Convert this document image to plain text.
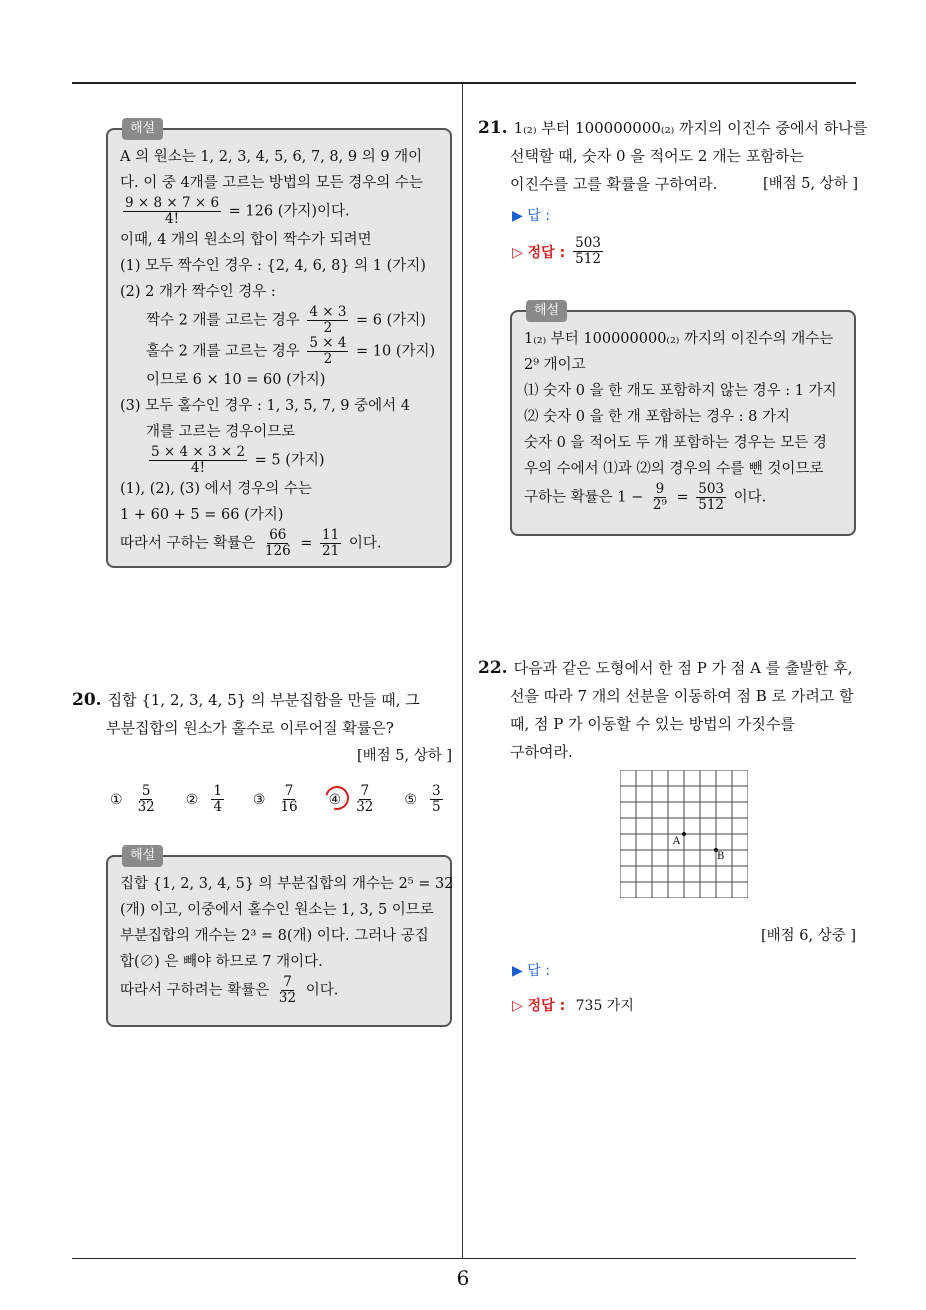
해설
A 의 원소는 1, 2, 3, 4, 5, 6, 7, 8, 9 의 9 개이
다. 이 중 4개를 고르는 방법의 모든 경우의 수는
$\frac{9 \times 8 \times 7 \times 6}{4!} = 126$ (가지)이다.
이때, 4 개의 원소의 합이 짝수가 되려면
(1) 모두 짝수인 경우 : {2, 4, 6, 8} 의 1 (가지)
(2) 2 개가 짝수인 경우 :
짝수 2 개를 고르는 경우 $\frac{4 \times 3}{2} = 6$ (가지)
홀수 2 개를 고르는 경우 $\frac{5 \times 4}{2} = 10$ (가지)
이므로 6 × 10 = 60 (가지)
(3) 모두 홀수인 경우 : 1, 3, 5, 7, 9 중에서 4
개를 고르는 경우이므로
$\frac{5 \times 4 \times 3 \times 2}{4!} = 5$ (가지)
(1), (2), (3) 에서 경우의 수는
1 + 60 + 5 = 66 (가지)
따라서 구하는 확률은 $\frac{66}{126} = \frac{11}{21}$ 이다.
20. 집합 {1, 2, 3, 4, 5} 의 부분집합을 만들 때, 그
부분집합의 원소가 홀수로 이루어질 확률은?
[배점 5, 상하 ]
① $\frac{5}{32}$ ② $\frac{1}{4}$ ③ $\frac{7}{16}$ ④ $\frac{7}{32}$ ⑤ $\frac{3}{5}$
해설
집합 {1, 2, 3, 4, 5} 의 부분집합의 개수는 2⁵ = 32
(개) 이고, 이중에서 홀수인 원소는 1, 3, 5 이므로
부분집합의 개수는 2³ = 8(개) 이다. 그러나 공집
합(∅) 은 빼야 하므로 7 개이다.
따라서 구하려는 확률은 $\frac{7}{32}$ 이다.
21. 1₍₂₎ 부터 100000000₍₂₎ 까지의 이진수 중에서 하나를
선택할 때, 숫자 0 을 적어도 2 개는 포함하는
이진수를 고를 확률을 구하여라.	[배점 5, 상하 ]
▶ 답 :
▷ 정답 : $\frac{503}{512}$
해설
1₍₂₎ 부터 100000000₍₂₎ 까지의 이진수의 개수는
2⁹ 개이고
⑴ 숫자 0 을 한 개도 포함하지 않는 경우 : 1 가지
⑵ 숫자 0 을 한 개 포함하는 경우 : 8 가지
숫자 0 을 적어도 두 개 포함하는 경우는 모든 경
우의 수에서 ⑴과 ⑵의 경우의 수를 뺀 것이므로
구하는 확률은 $1 - \frac{9}{\text{2⁹}} = \frac{503}{512}$ 이다.
22. 다음과 같은 도형에서 한 점 P 가 점 A 를 출발한 후,
선을 따라 7 개의 선분을 이동하여 점 B 로 가려고 할
때, 점 P 가 이동할 수 있는 방법의 가짓수를
구하여라.
A
B
[배점 6, 상중 ]
▶ 답 :
▷ 정답 : 735 가지
6
